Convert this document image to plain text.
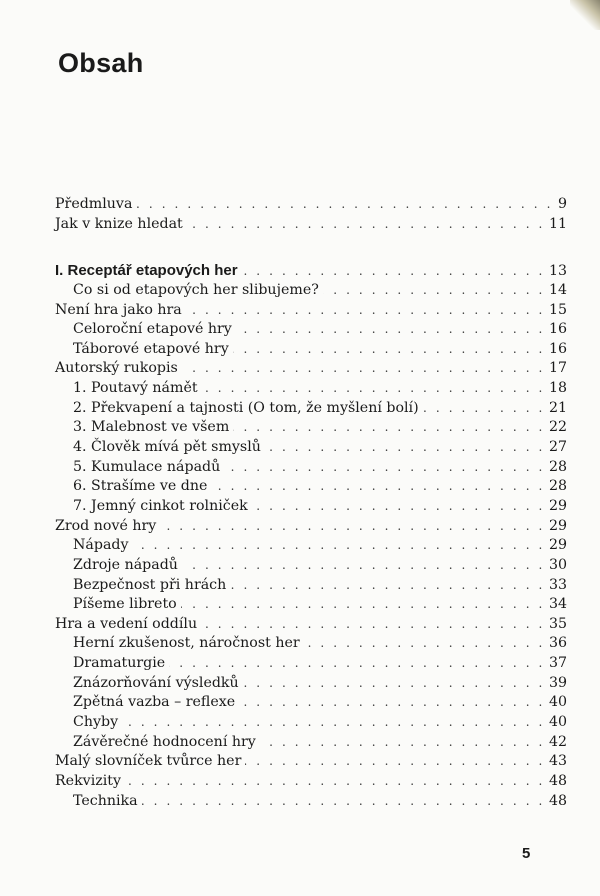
Obsah
Předmluva . . .	9
Jak v knize hledat . . .	11
I. Receptář etapových her . . .	13
Co si od etapových her slibujeme? . . .	14
Není hra jako hra . . .	15
Celoroční etapové hry . . .	16
Táborové etapové hry . . .	16
Autorský rukopis . . .	17
1. Poutavý námět . . .	18
2. Překvapení a tajnosti (O tom, že myšlení bolí) . . .	21
3. Malebnost ve všem . . .	22
4. Člověk mívá pět smyslů . . .	27
5. Kumulace nápadů . . .	28
6. Strašíme ve dne . . .	28
7. Jemný cinkot rolniček . . .	29
Zrod nové hry . . .	29
Nápady . . .	29
Zdroje nápadů . . .	30
Bezpečnost při hrách . . .	33
Píšeme libreto . . .	34
Hra a vedení oddílu . . .	35
Herní zkušenost, náročnost her . . .	36
Dramaturgie . . .	37
Znázorňování výsledků . . .	39
Zpětná vazba – reflexe . . .	40
Chyby . . .	40
Závěrečné hodnocení hry . . .	42
Malý slovníček tvůrce her . . .	43
Rekvizity . . .	48
Technika . . .	48
5
